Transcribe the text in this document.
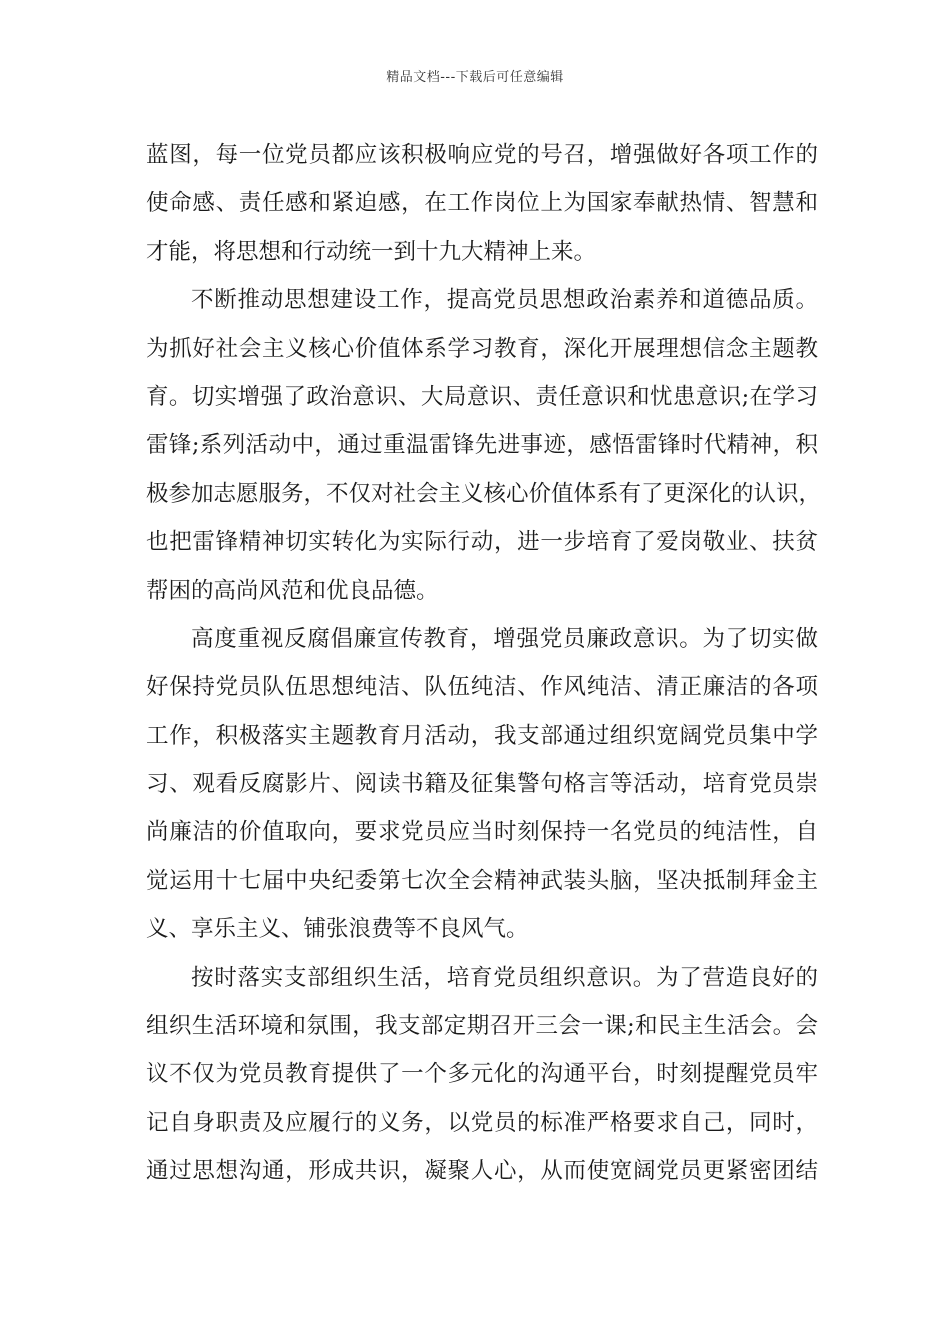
精品文档---下载后可任意编辑
蓝图，每一位党员都应该积极响应党的号召，增强做好各项工作的
使命感、责任感和紧迫感，在工作岗位上为国家奉献热情、智慧和
才能，将思想和行动统一到十九大精神上来。
不断推动思想建设工作，提高党员思想政治素养和道德品质。
为抓好社会主义核心价值体系学习教育，深化开展理想信念主题教
育。切实增强了政治意识、大局意识、责任意识和忧患意识;在学习
雷锋;系列活动中，通过重温雷锋先进事迹，感悟雷锋时代精神，积
极参加志愿服务，不仅对社会主义核心价值体系有了更深化的认识，
也把雷锋精神切实转化为实际行动，进一步培育了爱岗敬业、扶贫
帮困的高尚风范和优良品德。
高度重视反腐倡廉宣传教育，增强党员廉政意识。为了切实做
好保持党员队伍思想纯洁、队伍纯洁、作风纯洁、清正廉洁的各项
工作，积极落实主题教育月活动，我支部通过组织宽阔党员集中学
习、观看反腐影片、阅读书籍及征集警句格言等活动，培育党员崇
尚廉洁的价值取向，要求党员应当时刻保持一名党员的纯洁性，自
觉运用十七届中央纪委第七次全会精神武装头脑，坚决抵制拜金主
义、享乐主义、铺张浪费等不良风气。
按时落实支部组织生活，培育党员组织意识。为了营造良好的
组织生活环境和氛围，我支部定期召开三会一课;和民主生活会。会
议不仅为党员教育提供了一个多元化的沟通平台，时刻提醒党员牢
记自身职责及应履行的义务，以党员的标准严格要求自己，同时，
通过思想沟通，形成共识，凝聚人心，从而使宽阔党员更紧密团结
